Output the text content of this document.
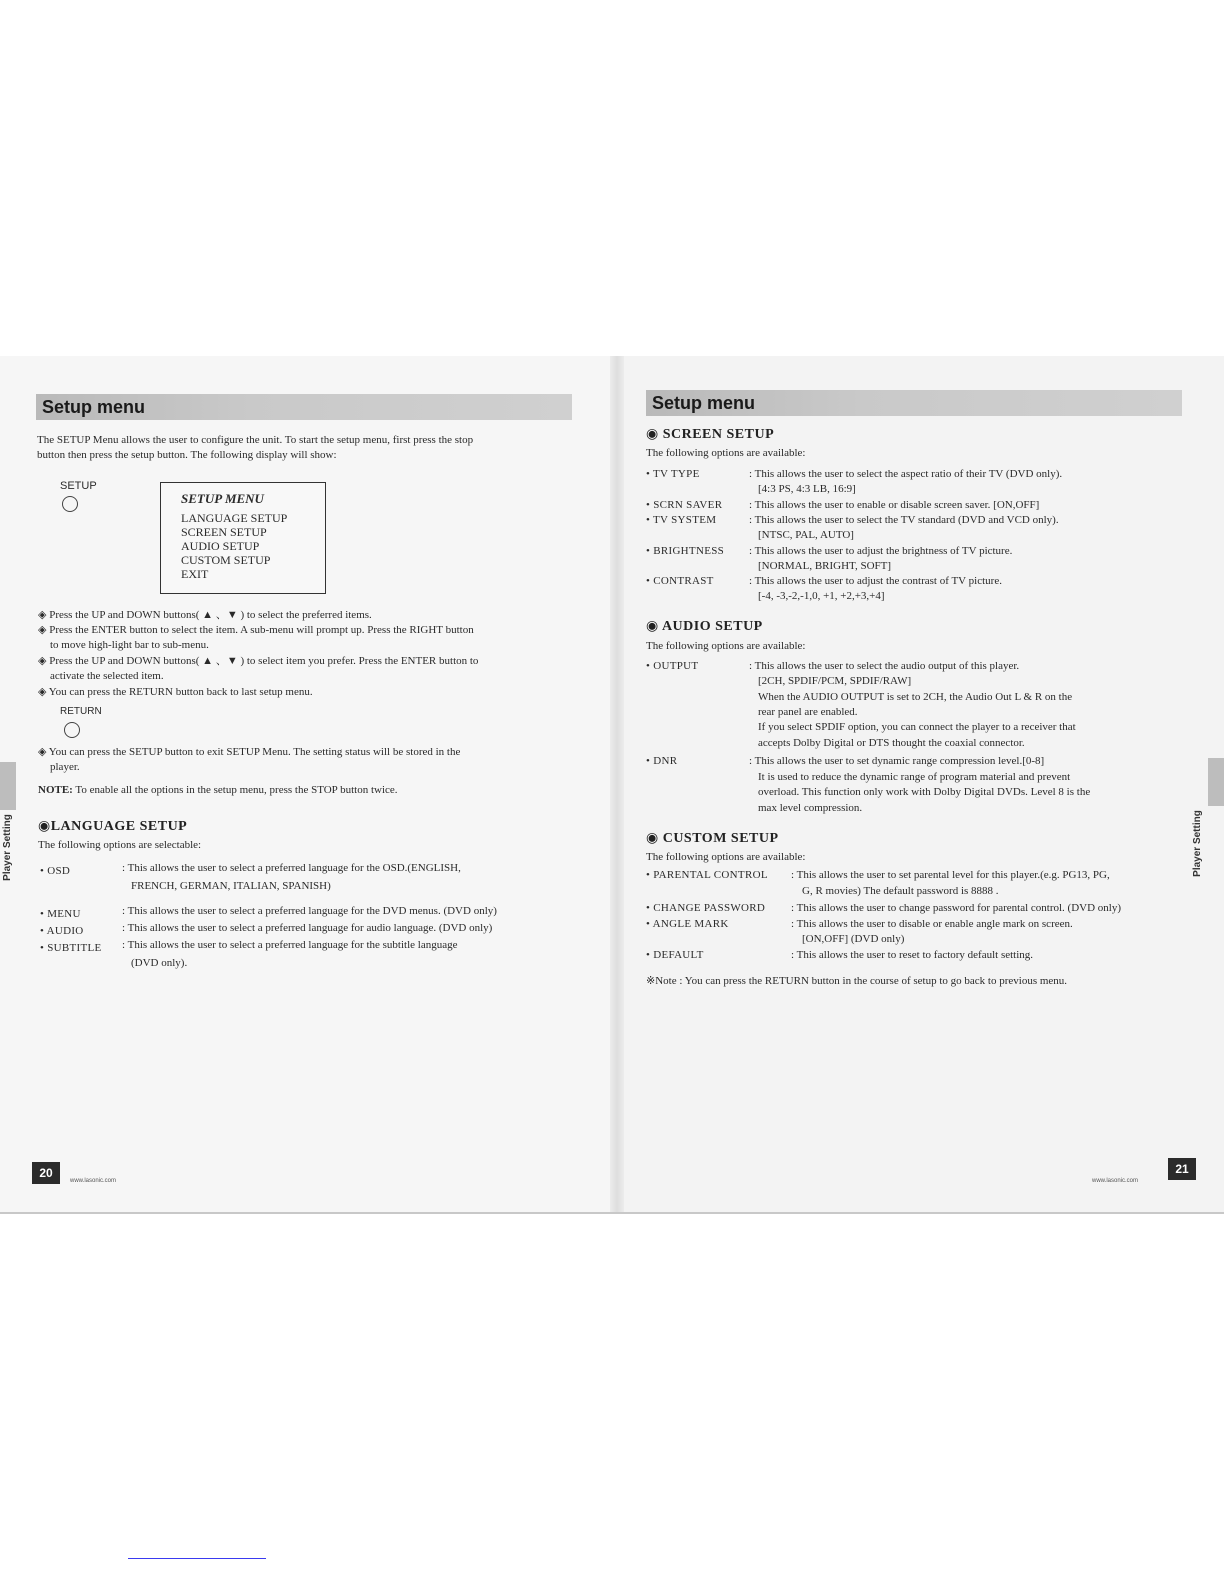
Setup menu
The SETUP Menu allows the user to configure the unit. To start the setup menu, first press the stop
button then press the setup button. The following display will show:
SETUP
SETUP MENU
LANGUAGE SETUP
SCREEN SETUP
AUDIO SETUP
CUSTOM SETUP
EXIT
◈ Press the UP and DOWN buttons( ▲ 、▼ ) to select the preferred items.
◈ Press the ENTER button to select the item. A sub-menu will prompt up. Press the RIGHT button
to move high-light bar to sub-menu.
◈ Press the UP and DOWN buttons( ▲ 、▼ ) to select item you prefer. Press the ENTER button to
activate the selected item.
◈ You can press the RETURN button back to last setup menu.
RETURN
◈ You can press the SETUP button to exit SETUP Menu. The setting status will be stored in the
player.
NOTE: To enable all the options in the setup menu, press the STOP button twice.
◉LANGUAGE SETUP
The following options are selectable:
• OSD	: This allows the user to select a preferred language for the OSD.(ENGLISH,
FRENCH, GERMAN, ITALIAN, SPANISH)
• MENU	: This allows the user to select a preferred language for the DVD menus. (DVD only)
• AUDIO	: This allows the user to select a preferred language for audio language. (DVD only)
• SUBTITLE : This allows the user to select a preferred language for the subtitle language
(DVD only).
Player Setting
20
www.lasonic.com
Setup menu
◉ SCREEN SETUP
The following options are available:
• TV TYPE	: This allows the user to select the aspect ratio of their TV (DVD only).
[4:3 PS, 4:3 LB, 16:9]
• SCRN SAVER : This allows the user to enable or disable screen saver. [ON,OFF]
• TV SYSTEM	: This allows the user to select the TV standard (DVD and VCD only).
[NTSC, PAL, AUTO]
• BRIGHTNESS : This allows the user to adjust the brightness of TV picture.
[NORMAL, BRIGHT, SOFT]
• CONTRAST	: This allows the user to adjust the contrast of TV picture.
[-4, -3,-2,-1,0, +1, +2,+3,+4]
◉ AUDIO SETUP
The following options are available:
• OUTPUT	: This allows the user to select the audio output of this player.
[2CH, SPDIF/PCM, SPDIF/RAW]
When the AUDIO OUTPUT is set to 2CH, the Audio Out L & R on the
rear panel are enabled.
If you select SPDIF option, you can connect the player to a receiver that
accepts Dolby Digital or DTS thought the coaxial connector.
• DNR	: This allows the user to set dynamic range compression level.[0-8]
It is used to reduce the dynamic range of program material and prevent
overload. This function only work with Dolby Digital DVDs. Level 8 is the
max level compression.
◉ CUSTOM SETUP
The following options are available:
• PARENTAL CONTROL : This allows the user to set parental level for this player.(e.g. PG13, PG,
G, R movies) The default password is 8888 .
• CHANGE PASSWORD : This allows the user to change password for parental control. (DVD only)
• ANGLE MARK	: This allows the user to disable or enable angle mark on screen.
[ON,OFF] (DVD only)
• DEFAULT	: This allows the user to reset to factory default setting.
※Note : You can press the RETURN button in the course of setup to go back to previous menu.
Player Setting
www.lasonic.com
21
